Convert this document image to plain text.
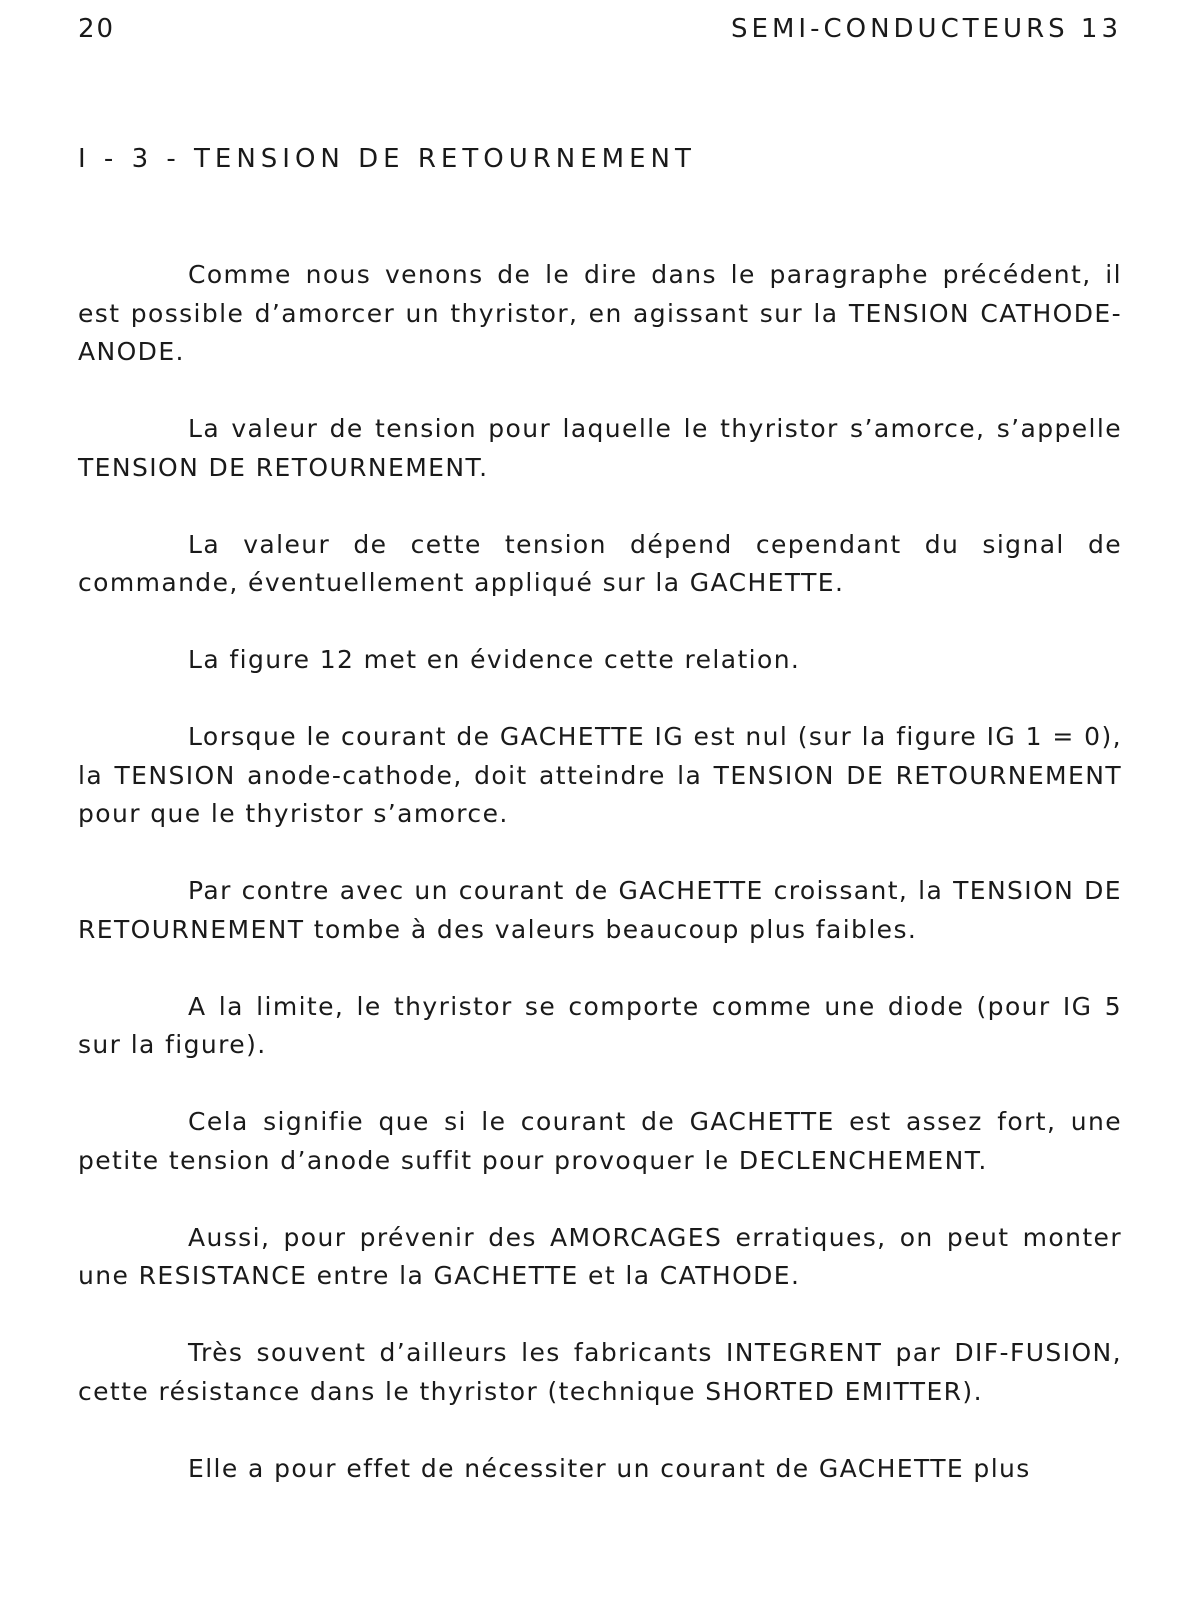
20	SEMI-CONDUCTEURS 13
I - 3 - TENSION DE RETOURNEMENT

Comme nous venons de le dire dans le paragraphe précédent, il est possible d’amorcer un thyristor, en agissant sur la TENSION CATHODE-ANODE.

La valeur de tension pour laquelle le thyristor s’amorce, s’appelle TENSION DE RETOURNEMENT.

La valeur de cette tension dépend cependant du signal de commande, éventuellement appliqué sur la GACHETTE.

La figure 12 met en évidence cette relation.

Lorsque le courant de GACHETTE IG est nul (sur la figure IG 1 = 0), la TENSION anode-cathode, doit atteindre la TENSION DE RETOURNEMENT pour que le thyristor s’amorce.

Par contre avec un courant de GACHETTE croissant, la TENSION DE RETOURNEMENT tombe à des valeurs beaucoup plus faibles.

A la limite, le thyristor se comporte comme une diode (pour IG 5 sur la figure).

Cela signifie que si le courant de GACHETTE est assez fort, une petite tension d’anode suffit pour provoquer le DECLENCHEMENT.

Aussi, pour prévenir des AMORCAGES erratiques, on peut monter une RESISTANCE entre la GACHETTE et la CATHODE.

Très souvent d’ailleurs les fabricants INTEGRENT par DIF-FUSION, cette résistance dans le thyristor (technique SHORTED EMITTER).

Elle a pour effet de nécessiter un courant de GACHETTE plus
